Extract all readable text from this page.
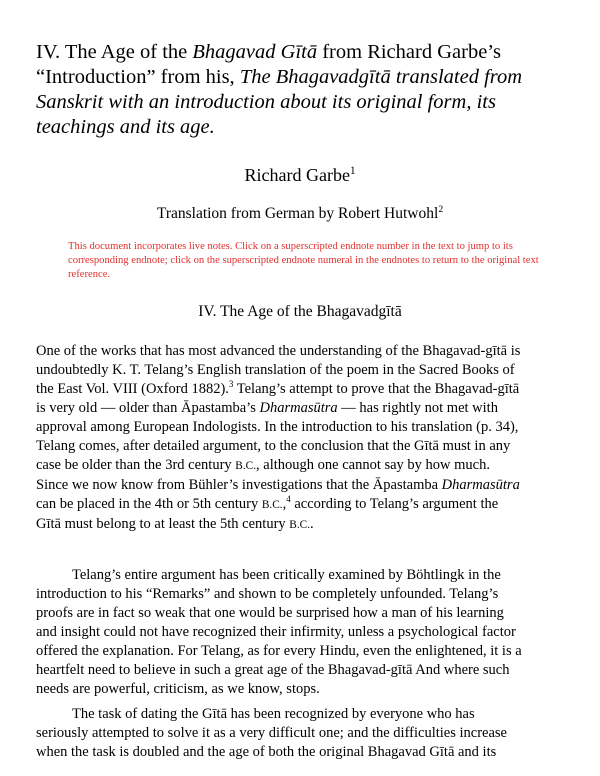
IV. The Age of the Bhagavad Gītā from Richard Garbe’s “Introduction” from his, The Bhagavadgītā translated from Sanskrit with an introduction about its original form, its teachings and its age.
Richard Garbe$^1$

Translation from German by Robert Hutwohl$^2$

This document incorporates live notes. Click on a superscripted endnote number in the text to jump to its corresponding endnote; click on the superscripted endnote numeral in the endnotes to return to the original text reference.

IV. The Age of the Bhagavadgītā

One of the works that has most advanced the understanding of the Bhagavad-gītā is
undoubtedly K. T. Telang’s English translation of the poem in the Sacred Books of
the East Vol. VIII (Oxford 1882).$^3$ Telang’s attempt to prove that the Bhagavad-gītā
is very old — older than Āpastamba’s Dharmasūtra — has rightly not met with
approval among European Indologists. In the introduction to his translation (p. 34),
Telang comes, after detailed argument, to the conclusion that the Gītā must in any
case be older than the 3rd century B.C., although one cannot say by how much.
Since we now know from Bühler’s investigations that the Āpastamba Dharmasūtra
can be placed in the 4th or 5th century B.C.,$^4$ according to Telang’s argument the
Gītā must belong to at least the 5th century B.C..

Telang’s entire argument has been critically examined by Böhtlingk in the
introduction to his “Remarks” and shown to be completely unfounded. Telang’s
proofs are in fact so weak that one would be surprised how a man of his learning
and insight could not have recognized their infirmity, unless a psychological factor
offered the explanation. For Telang, as for every Hindu, even the enlightened, it is a
heartfelt need to believe in such a great age of the Bhagavad-gītā And where such
needs are powerful, criticism, as we know, stops.

The task of dating the Gītā has been recognized by everyone who has
seriously attempted to solve it as a very difficult one; and the difficulties increase
when the task is doubled and the age of both the original Bhagavad Gītā and its
